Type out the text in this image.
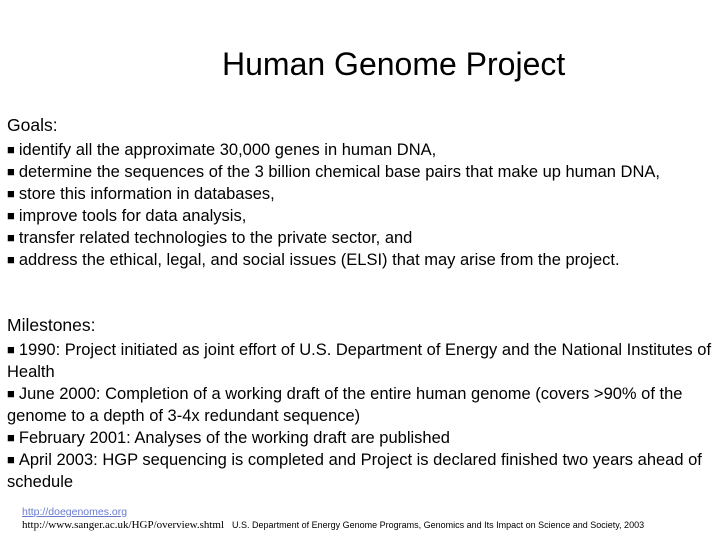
Human Genome Project
Goals:

■ identify all the approximate 30,000 genes in human DNA,

■ determine the sequences of the 3 billion chemical base pairs that make up human DNA,

■ store this information in databases,

■ improve tools for data analysis,

■ transfer related technologies to the private sector, and

■ address the ethical, legal, and social issues (ELSI) that may arise from the project.

Milestones:

■ 1990: Project initiated as joint effort of U.S. Department of Energy and the National Institutes of Health

■ June 2000: Completion of a working draft of the entire human genome (covers >90% of the genome to a depth of 3-4x redundant sequence)

■ February 2001: Analyses of the working draft are published

■ April 2003: HGP sequencing is completed and Project is declared finished two years ahead of schedule

http://doegenomes.org
http://www.sanger.ac.uk/HGP/overview.shtml U.S. Department of Energy Genome Programs, Genomics and Its Impact on Science and Society, 2003
